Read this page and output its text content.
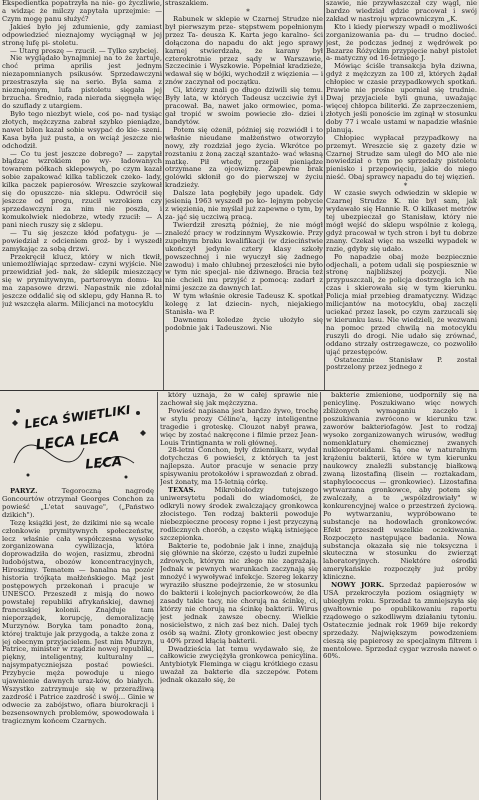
Ekspedientka popatrzyła na nie- go życzliwie, a widząc że milczy zapytała uprzejmie: — Czym mogę panu służyć?

Jakieś było jej zdumienie, gdy zamiast odpowiedzieć nieznajomy wyciągnął w jej stronę lufę pi- stoletu.

— Utarg proszę — rzucił. — Tylko szybciej.

Nie wyglądało bynajmniej na to że żartuje, choć prima aprilis jest jednym niezapomnianych psikusów. Sprzedawczyni przestraszyła się na serio. Byla sama z nieznajomym, lufa pistoletu sięgała jej brzucha. Średnio, rada nierada sięgnęła więc do szuflady z utargiem.

Było tego niezbyt wiele, coś po- nad tysiąc złotych, mężczyzna zabrał szybko pieniądze, nawet bilon kazał sobie wsypać do kie- szeni. Kasa była już pusta, a on wciąż jeszcze nie odchodził.

— Co tu jest jeszcze dobrego? — zapytał błądząc wzrokiem po wy- ładowanych towarem półkach sklepowych, po czym kazał sobie zapakować kilka tabliczek czeko- lady, kilka paczek papierosów. Wreszcie szykował się do opuszcze- nia sklepu. Odwrócił się jeszcze od progu, rzucił wzrokiem czy sprzedawczyni za nim nie poszła, i komukolwiek niedobrze, wtedy rzucił: — A pani niech ruszy się z sklepu.

— Tu się jeszcze kłód pofatygu- je — powiedział z odcieniem groź- by i wyszedł zamykając za sobą drzwi.

Przekręcił klucz, który w nich tkwił, uniemożliwiając sprzedaw- czyni wyjście. Nie przewidział jed- nak, że sklepik mieszczący się w prymitywnym, parterowym domu- ku ma zapasowe drzwi. Napastnik nie zdołał jeszcze oddalić się od sklepu, gdy Hanna R. to już wszczęła alarm. Milicjanci na motocyklu

straszakiem.

*

Rabunek w sklepie w Czarnej Strudze nie był pierwszym prze- stępstwem popełnionym przez Ta- deusza K. Karta jego karalno- ści dołączona do napadu do akt jego sprawy karnej stwierdzała, że karany był czterokrotnie przez sądy w Warszawie, Szczecinie i Wyszkowie. Popełniał kradzieże, wdawał się w bójki, wychodził z więzienia — i znów zaczynał od początku.

Ci, którzy znali go długo dziwili się temu. Były lata, w których Tadeusz uczciwie żył i pracował. Ba, nawet jako ormowiec, poma- gał tropić w swoim powiecie zło- dziei i bandytów.

Potem się ożenił, później się rozwiódł i to właśnie nieudane małżeństwo otworzyło nowy, zły rozdział jego życia. Wkrótce po rozstaniu z żoną zaczął szantażo- wać własną matkę. Pił wtedy, przepił pieniądze otrzymane za ojcowiznę. Zapewne brak golówki skłonił go do pierwszej w życiu kradzieży.

Dalsze lata pogłębiły jego upadek. Gdy jesienią 1963 wyszedł po ko- lejnym pobycie z więzienia, nie myślał już zapewne o tym, by za- jąć się uczciwą pracą.

Twierdził zresztą później, że nie mógł znaleźć pracy w rodzinnym Wyszkowie. Przy zupełnym braku kwalifikacji (w dzieciństwie ukończył jedynie cztery klasy szkoły powszechnej i nie wyuczył się żadnego zawodu) i mało chlubnej przeszłości nie było w tym nic specjal- nie dziwnego. Bracia też nie chcieli mu przyjść z pomocą: zadarł z nimi jeszcze za dawnych lat.

W tym właśnie okresie Tadeusz K. spotkał kolegę z lat dziecin- nych, niejakiego Stanisła- wa P.

Dawnemu koledze życie ułożyło się podobnie jak i Tadeuszowi. Nie

szawie, nie przywłaszczał czy wągl, nie bardzo wiedział gdzie pracował i swój zakład w nastroju wpracowniczym „K.

Kto i kiedy pierwszy wpadł o możliwości zorganizowania pa- du — trudno docieć. jest, że podczas jednej z wędrówek po Bazarze Różyckim przypięcie nabył pistolet a- matyczny od 16-letniego J.

Mówiąc ściśle transakcja była dziwna, gdyż z mężczyzn za 100 zł, których żądał chłopiec w czasie przypadkowych spotkań. Prawie nie prośne uporniał się trudnie. Dwaj przyjaciele byli gnuna, uważając więcej chłopca biliterki. Ze zaprzeczeniem, złotych jeśli ponoście im zginął w stosunku doby 77 i wcale ustami w napadzie właśnie planują.

Chłopiec wypłacał przypadkowy na przemyt. Wreszcie się z gazety dzie w Czarnej Strudze sam uległ do MO ale nie nowiedział o tym po sprzedaży pistoletu pienisko i przepowięciu, jakie do niego nieść. Obaj sprawcy napadu do tej więzień.

*

W czasie swych odwiedzin w sklepie w Czarnej Strudze K. nie był sam, jak wydawało się Hannie R. O kilkaset metrów tej ubezpieczał go Stanisław, który nie mógł wejść do sklepu wspólnie z kolegą, gdyż pracował w tych stron i był tu dobrze znany. Czekał więc na wszelki wypadek w razie, gdyby się udało.

Po napadzie obaj może bezpiecznie odjechali, a potem udali się pospiesznie w stronę najbliższej pozycji. Nie przypuszczali, że policja dostrzegła ich na czas i skierowała się w tym kierunku. Policja miał przebieg dramatyczny. Widząc milicjantów na motocyklu, obaj zaczęli uciekać przez lasek, po czym zarzucali się w kierunku lasu. Nie wiedzieli, że wezwani na pomoc przed chwilą na motocyklu ruszyli do drogi. Nie udało się zrównać, oddano strzały ostrzegawcze, co pozwoliło ująć przestępców.

Ostatecznie Stanisław P. został postrzelony przez jednego z

LECA ŚWIETLIKI
LECA LECA
LECA

PARYŻ. Tegoroczną nagrodę Goncourtów otrzymał Georges Conchon za powieść „L'etat sauvage", („Państwo dzikich").

Tezę książki jest, że dzikimi nie są wcale członkowie prymitywnych społeczeństw, lecz właśnie cała współczesna wysoko zorganizowana cywilizacja, która doprowadziła do wojen, rasizmu, zbrodni ludobójstwa, obozów koncentracyjnych, Hiroszimy. Tematem — banalna na pozór historia trójkąta małżeńskiego. Mąż jest postępowych przekonań i pracuje w UNESCO. Przeszedł z misją do nowo powstałej republiki afrykańskiej, dawnej francuskiej kolonii. Znajduje tam nieporządek, korupcję, demoralizację Murzynów. Boryka tam ponadto żoną, której traktuje jak przygodą, a także zona z jej obecnym przyjacielem. Jest nim Murzyn, Patrice, minister w rządzie nowej republiki, piękny, inteligentny, kulturalny — najsympatyczniejsza postać powieści. Przybycie męża powoduje u niego ujawnienie dawnych uraz-ków, do białych. Wszystko zatrzymuje się w przeraźliwą zazdrość i Patrice zazdrość i swój... Ginie w odwecie za zabójstwo, ofiara biurokracji i bezsensownych problemów, spowodowała i tragicznym końcem Czarnych.

który uznaja, że w całej sprawie nie zachował się jak mężczyzna.

Powieść napisana jest bardzo żywo, trochę w stylu prozy Céline'a, łączy inteligentne tragedie i groteskę. Clouzot nabył prawa, więc by zostać nakręcone i filmie przez Jean-Louis Trintignanta w roli głównej.

28-letni Conchon, były dziennikarz, wydał dotychczas 6 powieści, z których ta jest najlepsza. Autor pracuje w senacie przy spisywaniu protokołów i sprawozdań z obrad. Jest żonaty, ma 15-letnią córkę.

TEXAS. Mikrobiolodzy tutejszego uniwersytetu podali do wiadomości, że odkryli nowy środek zwalczający gronkowca złocistego. Ten rodzaj bakterii powoduje niebezpieczne procesy ropne i jest przyczyną rodlicznych chorób, a często wiąką istniejące szczepionka.

Bakterie te, podobnie jak i inne, znajdują się głównie na skórze, często u ludzi zupełnie zdrowych, którym nic złego nie zagrażają. Jednak w pewnych warunkach zaczynają się mnożyć i wywoływać infekcje. Szereg lekarzy wyraziło słuszne podejrzenie, że w stosunku do bakterii i kolejnych paciorkowców, że dla zasady takie tacy, nie chorują na ścinkę, ci, którzy nie chorują na ścinkę bakterii. Wirus jest jednak zawsze obecny. Wielkie nosicielstwo, z nich zaś bez nich. Dalej tych osób są ważni. Złoty gronkowiec jest obecny u 40% przed kłącią bakterii.

Dwadzieścia lat temu wydawało się, że całkowicie zwyciężyła gronkowca penicylina. Antybiotyk Fleminga w ciągu krótkiego czasu uważał za bakterie dla szczepów. Potem jednak okazało się, że

bakterie zmienione, uodpornily się na penicylinę. Poszukiwano więc nowych zbliżonych wymaganiu zaczęło i poszukiwania zwrócono w kierunku tzw. zaworów bakteriofagów. Jest to rodzaj wysoko zorganizowanych wirusów, według nomenklatury chemicznej zwanych nukleoproteidami. Są one w naturalnym krążeniu bakterii, które w tym kierunku naukowcy znaleźli substancję białkową zwaną lizostafiną (lisein — roztakadam, staphylococcus — gronkowiec). Lizostafina wytwarzana gronkowce, aby potem się zwalczały, a te „wspólzdrowiały" w konkurencyjnej walce o przestrzeń życiową. Po wytwarzaniu, wypróbowano te substancje na hodowlach gronkowców. Efekt przeszedł wszelkie oczekiwania. Rozpoczęto następujące badania. Nowa substancja okazała się nie toksyczna i skuteczna w stosunku do zwierząt laboratoryjnych. Niektóre ośrodki amerykańskie rozpoczęły już próby kliniczne.

NOWY JORK. Sprzedaż papierosów w USA przekroczyła poziom osiągnięty w ubiegłym roku. Sprzedaż ta zmniejszyła się gwałtownie po opublikowaniu raportu rządowego o szkodliwym działaniu tytoniu. Ostatecznie jednak rok 1969 bije rekordy sprzedaży. Największym powodzeniem cieszą się papierosy ze specjalnym filtrem i mentolowe. Sprzedaż cygar wzrosła nawet o 60%.
